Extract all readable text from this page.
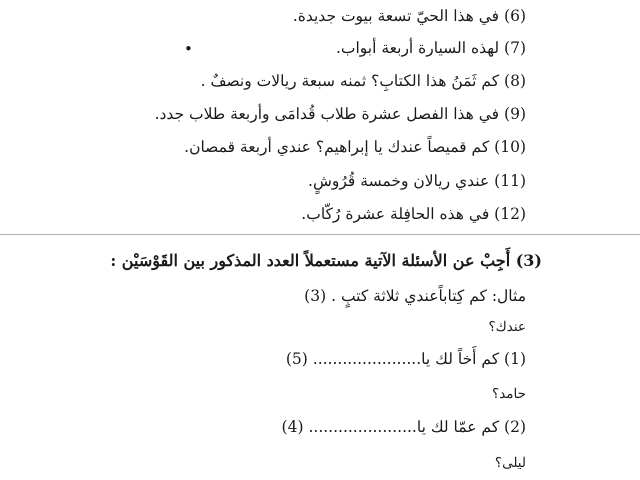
(6) في هذا الحيّ تسعة بيوت جديدة.
(7) لهذه السيارة أربعة أبواب.
•
(8) كم ثَمَنُ هذا الكتابِ؟ ثمنه سبعة ريالات ونصفٌ .
(9) في هذا الفصل عشرة طلاب قُدامَى وأربعة طلاب جدد.
(10) كم قميصاً عندك يا إبراهيم؟ عندي أربعة قمصان.
(11) عندي ريالان وخمسة قُرُوشٍ.
(12) في هذه الحافِلة عشرة رُكّاب.
(3) أَجِبْ عن الأسئلة الآتية مستعملاً العدد المذكور بين القَوْسَيْن :
مثال: كم كِتاباًعندي ثلاثة كتبٍ . (3)
عندك؟
(1) كم أَخاً لك يا...................... (5)
حامد؟
(2) كم عمّا لك يا...................... (4)
ليلى؟
